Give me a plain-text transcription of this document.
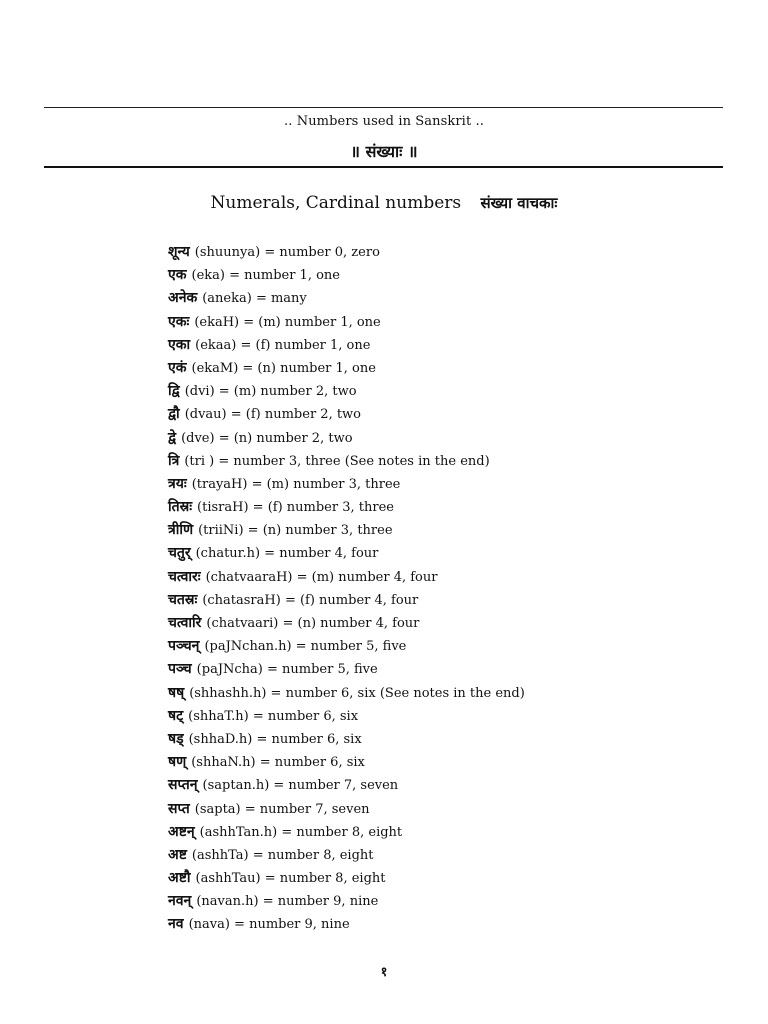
.. Numbers used in Sanskrit ..
॥ संख्याः ॥
Numerals, Cardinal numbers संख्या वाचकाः
शून्य (shuunya) = number 0, zero
एक (eka) = number 1, one
अनेक (aneka) = many
एकः (ekaH) = (m) number 1, one
एका (ekaa) = (f) number 1, one
एकं (ekaM) = (n) number 1, one
द्वि (dvi) = (m) number 2, two
द्वौ (dvau) = (f) number 2, two
द्वे (dve) = (n) number 2, two
त्रि (tri ) = number 3, three (See notes in the end)
त्रयः (trayaH) = (m) number 3, three
तिस्रः (tisraH) = (f) number 3, three
त्रीणि (triiNi) = (n) number 3, three
चतुर् (chatur.h) = number 4, four
चत्वारः (chatvaaraH) = (m) number 4, four
चतस्रः (chatasraH) = (f) number 4, four
चत्वारि (chatvaari) = (n) number 4, four
पञ्चन् (paJNchan.h) = number 5, five
पञ्च (paJNcha) = number 5, five
षष् (shhashh.h) = number 6, six (See notes in the end)
षट् (shhaT.h) = number 6, six
षड् (shhaD.h) = number 6, six
षण् (shhaN.h) = number 6, six
सप्तन् (saptan.h) = number 7, seven
सप्त (sapta) = number 7, seven
अष्टन् (ashhTan.h) = number 8, eight
अष्ट (ashhTa) = number 8, eight
अष्टौ (ashhTau) = number 8, eight
नवन् (navan.h) = number 9, nine
नव (nava) = number 9, nine
१
